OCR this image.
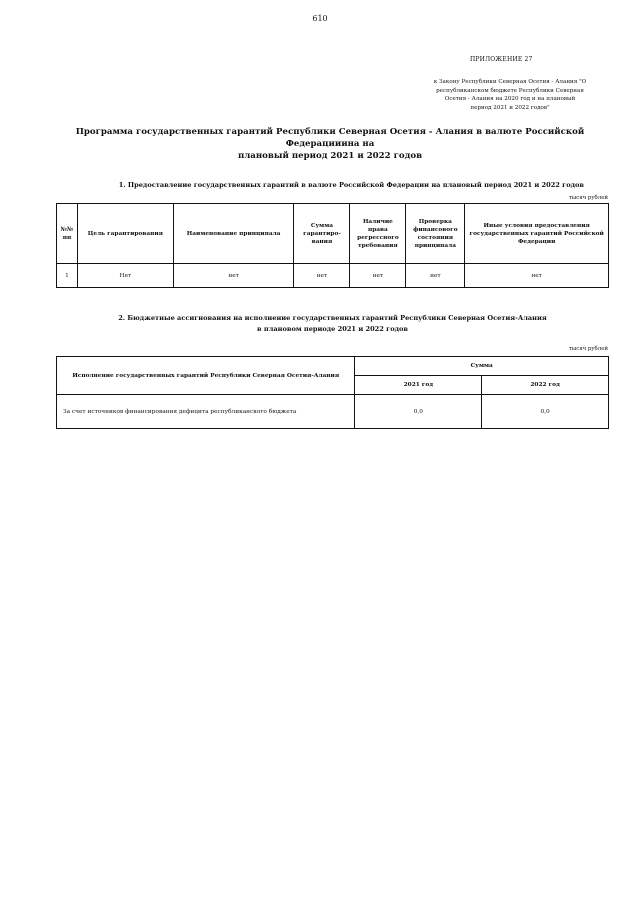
610
ПРИЛОЖЕНИЕ 27
к Закону Республики Северная Осетия - Алания "О
республиканском бюджете Республики Северная
Осетия - Алания на 2020 год и на плановый
период 2021 и 2022 годов"
Программа государственных гарантий Республики Северная Осетия - Алания в валюте Российской Федерацииина на
плановый период 2021 и 2022 годов
1. Предоставление государственных гарантий в валюте Российской Федерации на плановый период 2021 и 2022 годов
тысяч рублей
№№ пп	Цель гарантирования	Наименование принципала	Сумма гарантиро-вания	Наличие права регрессного требования	Проверка финансового состояния принципала	Иные условия предоставления государственных гарантий Российской Федерации
1	Нет	нет	нет	нет	нет	нет
2. Бюджетные ассигнования на исполнение государственных гарантий Республики Северная Осетия-Алания
в плановом периоде 2021 и 2022 годов
тысяч рублей
Исполнение государственных гарантий Республики Северная Осетия-Алания	Сумма	
	2021 год	2022 год
За счет источников финансирования дефицита республиканского бюджета	0,0	0,0
